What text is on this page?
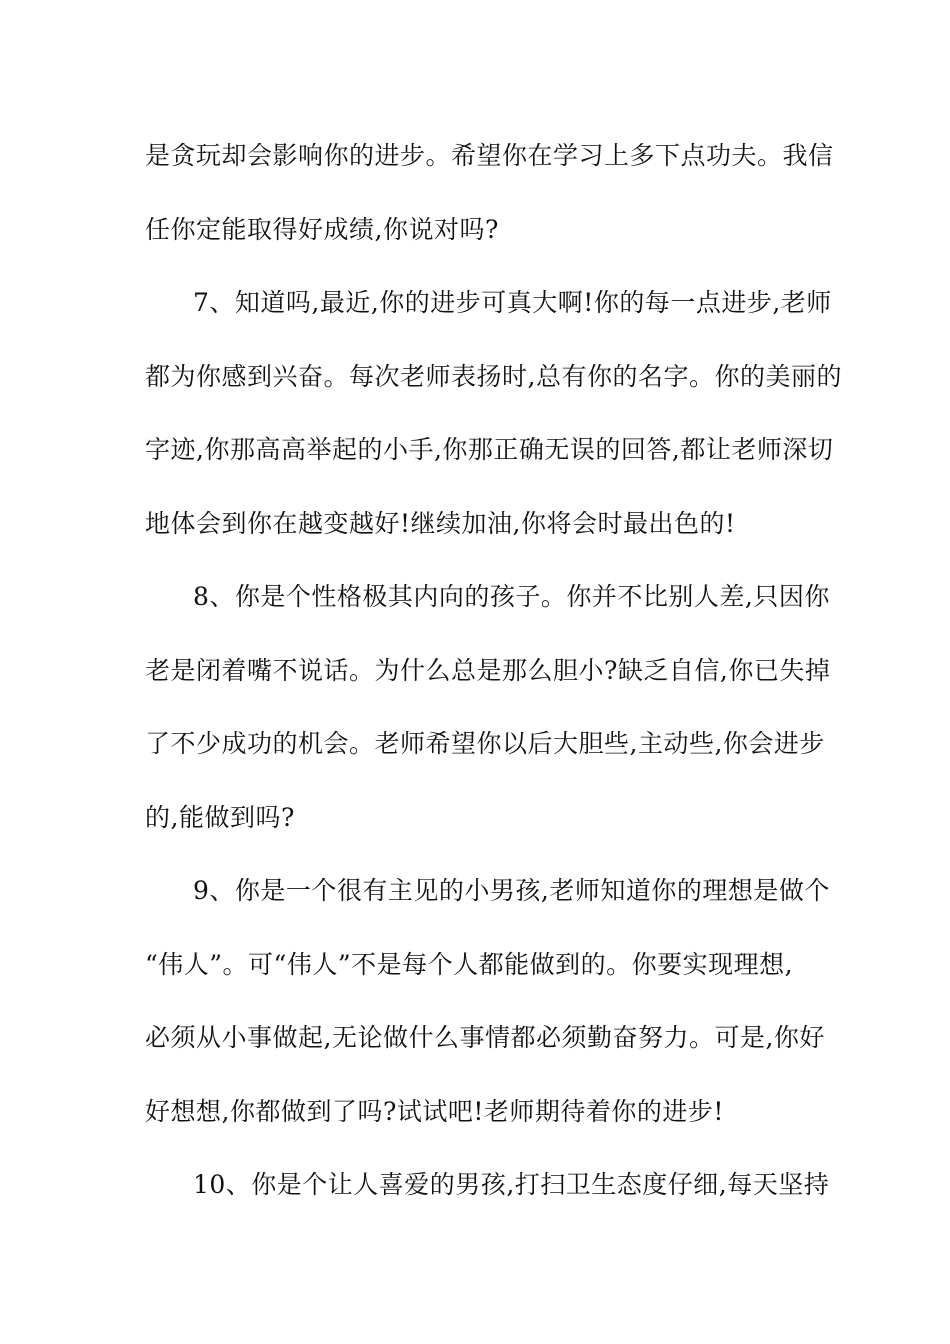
是贪玩却会影响你的进步。希望你在学习上多下点功夫。我信
任你定能取得好成绩,你说对吗?
7、知道吗,最近,你的进步可真大啊!你的每一点进步,老师
都为你感到兴奋。每次老师表扬时,总有你的名字。你的美丽的
字迹,你那高高举起的小手,你那正确无误的回答,都让老师深切
地体会到你在越变越好!继续加油,你将会时最出色的!
8、你是个性格极其内向的孩子。你并不比别人差,只因你
老是闭着嘴不说话。为什么总是那么胆小?缺乏自信,你已失掉
了不少成功的机会。老师希望你以后大胆些,主动些,你会进步
的,能做到吗?
9、你是一个很有主见的小男孩,老师知道你的理想是做个
“伟人”。可“伟人”不是每个人都能做到的。你要实现理想,
必须从小事做起,无论做什么事情都必须勤奋努力。可是,你好
好想想,你都做到了吗?试试吧!老师期待着你的进步!
10、你是个让人喜爱的男孩,打扫卫生态度仔细,每天坚持
